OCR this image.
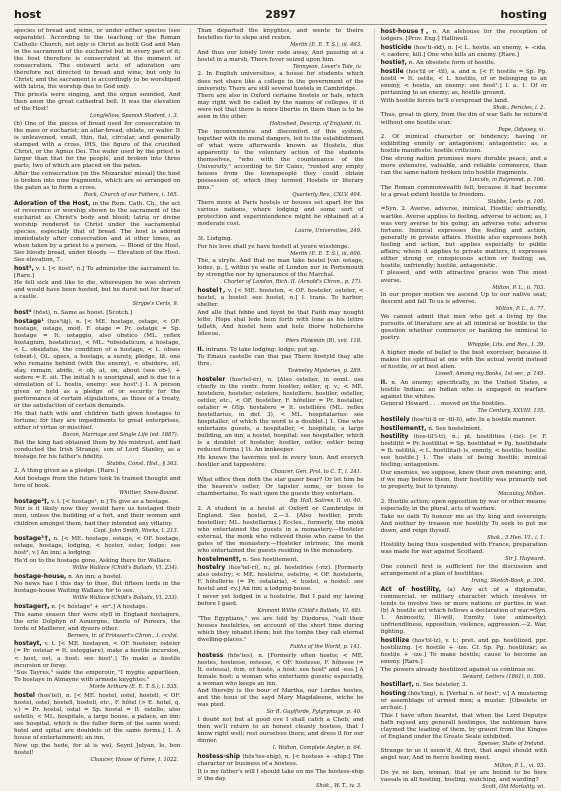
host	2897	hosting

species of bread and wine, or under either species (see separable). According to the teaching of the Roman Catholic Church, not only is Christ as both God and Man in the sacrament of the eucharist but in every part of it; the host therefore is consecrated at the moment of consecration. The outward acts of adoration are therefore not directed to bread and wine, but only to Christ; and the sacrament is accordingly to be worshiped with latria, the worship due to God only.

The priests were singing, and the organ sounded, And then anon the great cathedral bell. It was the elevation of the Host!
Longfellow, Spanish Student, i. 3.

(b) One of the pieces of bread used for consecration in the mass or eucharist; an altar-bread, oblate, or wafer. It is unleavened, small, thin, flat, circular, and generally stamped with a cross, IHS, the figure of the crucified Christ, or the Agnus Dei. The wafer used by the priest is larger than that for the people, and broken into three parts, two of which are placed on the paten.

After the consecration [in the Mozarabic missal] the host is broken into nine fragments, which are so arranged on the paten as to form a cross.
Rock, Church of our Fathers, i. 165.

Adoration of the Host, in the Rom. Cath. Ch., the act of reverence or worship shown to the sacrament of the eucharist as Christ's body and blood; latria or divine worship rendered to Christ under the sacramental species, especially that of bread. The host is adored immediately after consecration and at other times, as when taken by a priest to a person. — Blood of the Host. See bloody bread, under bloody. — Elevation of the Host. See elevation, 7.

host³, v. t. [< host³, n.] To administer the sacrament to. [Rare.]

He fell sick and like to die, whereupon he was shriven and would have been hosted, but he durst not for fear of a castle.
Strype's Certs, 9.

host⁴ (hōst), n. Same as hoost. [Scotch.]

hostage¹ (hos'tāj), n. [< ME. hostage, ostage, < OF. hostage, ostage, mod. F. otage = Pr. ostatge = Sp. hostage = It. ostaggio, also obstico (ML. reflex hostagium, hostaticus), < ML. *obsidaticum, a hostage, < L. obsidatus, the condition of a hostage, < L. obses (obsid-), OL. opses, a hostage, a surety, pledge, lit. one who remains behind (with the enemy), < obsidere, sit, stay, remain, abide, < ob, at, on, about (see ob-), + sedere = E. sit. The initial h is unoriginal, and is due to a simulation of L. hostis, enemy: see host¹.] 1. A person given or held as a pledge of or security for the performance of certain stipulations, as those of a treaty, or the satisfaction of certain demands.

He that hath wife and children hath given hostages to fortune; for they are impediments to great enterprises, either of virtue or mischief.
Bacon, Marriage and Single Life (ed. 1887).

But the king had obtained them by his mistrust, and had conducted the Irish Strange, son of Lord Stanley, as a hostage for his father's fidelity.
Stubbs, Const. Hist., § 363.

2. A thing given as a pledge. [Rare.]

And hostage from the future took In trained thought and lore of book.
Whittier, Snow-Bound.

hostage²†, v. t. [< hostage¹, n.] To give as a hostage.

Nor is it likely now they would have us hostaged their men, unless the building of a fort, and their women and children amongst them, had they intended any villainy.
Capt. John Smith, Works, I. 213.

hostage³†, n. [< ME. hostage, ostage, < OF. hostage, ostage, hostage, lodging, < hoster, oster, lodge: see host³, v.] An inn; a lodging.

He'd on to the hostage gone, Asking there for Wallace.
Willie Wallace (Child's Ballads, VI. 234).

hostage-house, n. An inn; a hostel.

No news hae I this day to thee, But fifteen lords in the hostage-house Waiting Wallace for to see.
Willie Wallace (Child's Ballads, VI. 233).

hostager†, n. [< hostage¹ + -er¹.] A hostage.

The same season ther were styll in England hostagers, the erle Dolphyn of Auuergne, therle of Poreers, the lorde of Maillerer, and dyuers other.
Berners, tr. of Froissart's Chron., I. ccxlvi.

hostayt, v. t. [< ME. hostayen, < OF. hosteier, osteier (= Pr. osteiar = It. osteggiare), make a hostile incursion, < host, ost, a host: see host¹.] To make a hostile incursion or foray.

"Sus Tayres," saide the emperour, "I myghe apparlleen, To hostaye in Almayne with armede knyghtes."
Morte Arthure (E. E. T. S.), l. 535.

hostel (hos'tel), n. [< ME. hostel, ostel, hostell, < OF. hostel, ostel, hostell, hostell, etc., F. hôtel (> E. hotel, q. v.) = Pr. hostal, ostal = Sp. hostal = It. ostello, also ostello, < ML. hospitale, a large house, a palace, an inn: see hospital, which is the fuller form of the same word; hotel and spital are doublets of the same forms.] 1. A house of entertainment; an inn.

Now up the hede, for al is wel, Seynt Julyan, lo, bon hostel!
Chaucer, House of Fame, I. 1022.

Than departed the knyghtes, and wente to theire hostelles for to slepe and resten.
Merlin (E. E. T. S.), iii. 463.

And thus our lonely lover rode away, And pausing at a hostel in a marsh, There fever seized upon him.
Tennyson, Lover's Tale, iv.

2. In English universities, a house for students which does not share like a college in the government of the university. There are still several hostels in Cambridge.

There are also in Oxford certaine hostels or hals, which may right well be called by the names of colleges, if it were not that there is more libertie in them than is to be seen in the other.
Holinshed, Descrip. of England, iii.

The inconvenience and discomfort of this system, together with its moral dangers, led to the establishment of what were afterwards known as Hostels, due apparently to the voluntary action of the students themselves, "who with the countenance of the University," according to Sir Cains, "rented any empty houses from the townspeople they could obtain possession of, which they termed Hostels or literary inns."
Quarterly Rev., CXLV. 404.

There more at Paris hostels or houses set apart for the various nations, where lodging and some sort of protection and superintendence might be obtained at a moderate cost.
Laurie, Universities, 249.

3t. Lodging.

For his love shall ye have hostell at youre wisshinge.
Merlin (E. E. T. S.), iii. 606.

The, a stryfe. And that no man take hostel [var. ostage, lodes, p. ], within ye walle of London nor in Portsmouth by strengthe nor by ignoraunce of the Marchal.
Charter of London, Rich. II. (Arnold's Chron., p. 17).

hostel†, v. [< ME. hostelen, < OF. hosteler, osteler, < hostel, a hostel: see hostel, n.] I. trans. To harbor; shelter.

And alle that febbe and feynt be that Faith may nought lette, Hope shal lede hem forth with lone as his lettre telleth, And hostel hem and hele thorw holicherche bileeue.
Piers Plowman (B), xvii. 118.

II. intrans. To take lodging; lodge; put up.

To Emaus castelle can thai pas There hostyld thay alle thre.
Towneley Mysteries, p. 289.

hosteler (hos'tel-ėr), n. [Also ostelier, in ooml. use chiefly in the contr. form hostler, ostler, q. v.; < ME. hostelere, hosteler, ostelere, hostellere, hostiler, osteller, ostiler, etc., < OF. hostelier, F. hôtelier = Pr. hostalier, ostalier = OSp. hostalero = It. ostellière (ML. reflex hostellarius, in def. 3), < ML. hospitalarius: see hospitaller, of which the word is a doublet.] 1. One who entertains guests, a hospitaller, < hospitale, a large building, an inn, a hostel, hospital: see hospitaller, which is a doublet of hosteler, hostler, ostler, ostler being reduced forms.] 1t. An innkeeper.

He knewe the tavernes wel in every toun, And everych hostiler and tappestere.
Chaucer, Gen. Prol. to C. T., l. 241.

What office then doth the star gazer bear? Or let him be the heaven's ostler, Or tapster some, or tosse to chambertaine, To wait upon the guests they entertain.
Bp. Hall, Satires, II. vii. 40.

2. A student in a hostel at Oxford or Cambridge in England. See hostel, 2.—3. [Also hostiler, prob. hostellier; ML. hostellarius.] Eccles., formerly, the monk who entertained the guests in a monastery.—Hosteler external, the monk who relieved those who came to the gates of the monastery.—Hosteler intrinsic, the monk who entertained the guests residing in the monastery.

hostelment†, n. See hostilement.

hostelry (hos'tel-ri), n.; pl. hostelries (-riz). [Formerly also ostelry; < ME. hostelrie, ostelrie, < OF. hostelerie, F. hôtellerie (= Pr. ostalaria), < hostel, a hostel: see hostel and -ry.] An inn; a lodging-house.

I never yet lodged in a hostelrie, But I paid my lawing before I gaed.
Kinmont Willie (Child's Ballads, VI. 68).

"The Egyptians," we are told by Diodorus, "call their houses hostelries, on account of the short time during which they inhabit them; but the tombs they call eternal dwelling-places."
Faiths of the World, p. 141.

hostess (hōs'tes), n. [Formerly often hostis; < ME. hostes, hostesse, ostesse, < OF. hostesse, F. hôtesse (= It. ostessa), fem. of hoste, a host: see host³ and -ess.] A female host; a woman who entertains guests; especially, a woman who keeps an inn.

And thereby is the bour of Martha, our Lordes hostes, and the hous of the sayd Mary Magdaleene, wiche he was pted.
Sir R. Guylforde, Pylgrymage, p. 40.

I doubt not but at good eve I shall catch a Cheb; and then we'll return to an honest cleanly hostess, that I know right well; rest ourselves there; and dress it for our dinner.
I. Walton, Complete Angler, p. 64.

hostess-ship (hōs'tes-ship), n. [< hostess + -ship.] The character or business of a hostess.

It is my father's will I should take on me The hostess-ship o' the day.
Shak., W. T., iv. 3.

host-house†, n. An alehouse for the reception of lodgers. [Prov. Eng.] Halliwell.

hosticide (hos'ti-sīd), n. [< L. hostis, an enemy, + -cida, < cædere, kill.] One who kills an enemy. [Rare.]

hostie†, n. An obsolete form of hostile.

hostile (hos'til or -tīl), a. and n. [< F. hostile = Sp. Pg. hostil = It. ostile, < L. hostilis, of or belonging to an enemy, < hostis, an enemy: see host¹.] I. a. 1. Of or pertaining to an enemy; as, hostile ground.

With hostile forces he'll o'erspread the land.
Shak., Pericles, i. 2.

Thus, great in glory, from the din of war Safe he return'd without one hostile scar.
Pope, Odyssey, xi.

2. Of inimical character or tendency; having or exhibiting enmity or antagonism; antagonistic: as, a hostile manifesto; hostile criticism.

One strong nation promises more durable peace, and a more extensive, valuable, and reliable commerce, than can the same nation broken into hostile fragments.
Lincoln, in Raymond, p. 166.

The Roman commonwealth fell, because it had become to a great extent hostile to freedom.
Stubbs, Lects. p. 100.

=Syn. 2. Averse, adverse, inimical, Hostile; unfriendly, warlike. Averse applies to feeling, adverse to action; as, I was very averse to his going; an adverse vote; adverse fortune. Inimical expresses the feeling and action, generally in private affairs. Hostile also expresses both feeling and action, but applies especially to public affairs; where it applies to private matters, it expresses either strong or conspicuous action or feeling; as, hostile, unfriendly; hostile, antagonistic.

I pleased, and with attractive graces won The most averse.
Milton, P. L., ii. 763.

In our proper motion we ascend Up to our native seat; descent and fall To us is adverse.
Milton, P. L., ii. 77.

We cannot admit that men who get a living by the pursuits of literature are at all inimical or hostile to the question whether commerce or banking be inimical to poetry.
Whipple, Lits. and Rev., I. 39.

A higher mode of belief is the best exorciser, because it makes the spiritual at one with the actual world instead of hostile, or at best alien.
Lowell, Among my Books, 1st ser., p. 149.

II. n. An enemy; specifically, in the United States, a hostile Indian; an Indian who is engaged in warfare against the whites.

General Howard . . . moved on the hostiles.
The Century, XXVIII. 135.

hostilely (hos'til-li or -tīl-li), adv. In a hostile manner.

hostilement†, n. See hostelment.

hostility (hos-til'i-ti), n.; pl. hostilities (-tiz). [< F. hostilité = Pr. hostilitat = Sp. hostilidad = Pg. hostilidade = It. ostilità, < L. hostilita(t-)s, enmity, < hostilis, hostile: see hostile.] 1. The state of being hostile; inimical feeling; antagonism.

Our enemies, we suppose, knew their own meaning; and, if we may believe them, their hostility was primarily not to property, but to tyranny.
Macaulay, Milton.

2. Hostile action; open opposition by war or other means; especially, in the plural, acts of warfare.

Take no oath To honour me as thy king and sovereign; And neither by treason nor hostility To seek to put me down, and reign thyself.
Shak., 3 Hen. VI., i. 1.

Hostility being thus suspended with France, preparation was made for war against Scotland.
Sir J. Hayward.

One council first is sufficient for the discussion and arrangement of a plan of hostilities.
Irving, Sketch-Book, p. 306.

Act of hostility, (a) Any act of a diplomatic, commercial, or military character which involves or tends to involve two or more nations or parties in war. (b) A hostile act which follows a declaration of war.=Syn. 1. Animosity, Ill-will, Enmity (see animosity); unfriendliness, opposition, violence, aggression.—2. War, fighting.

hostilize (hos'til-īz), v. t.; pret. and pp. hostilized, ppr. hostilizing. [< hostile + -ize. Cf. Sp. Pg. hostilizar; as hostile + -ize.] To make hostile; cause to become an enemy. [Rare.]

The powers already hostilized against us continue so.
Seward, Letters (1861), ii. 566.

hostillar†, n. See hosteler, 3.

hosting (hōs'ting), n. [Verbal n. of host¹, v.] A mustering or assemblage of armed men; a muster. [Obsolete or archaic.]

This I have often heardst, that when the Lord Deputye hath raysed any generall hostinges, the noblemen have claymed the leading of them, by graunt from the Kinges of England under the Greate Seale exhibited.
Spenser, State of Ireland.

Strange to us it seem'd, At first, that angel should with angel war, And in fierce hosting meet.
Milton, P. L., vi. 93.

Do ye ne ken, woman, that ye are bound to be here vassals in all hosting, hosting, watching, and warding?
Scott, Old Mortality, vii.
